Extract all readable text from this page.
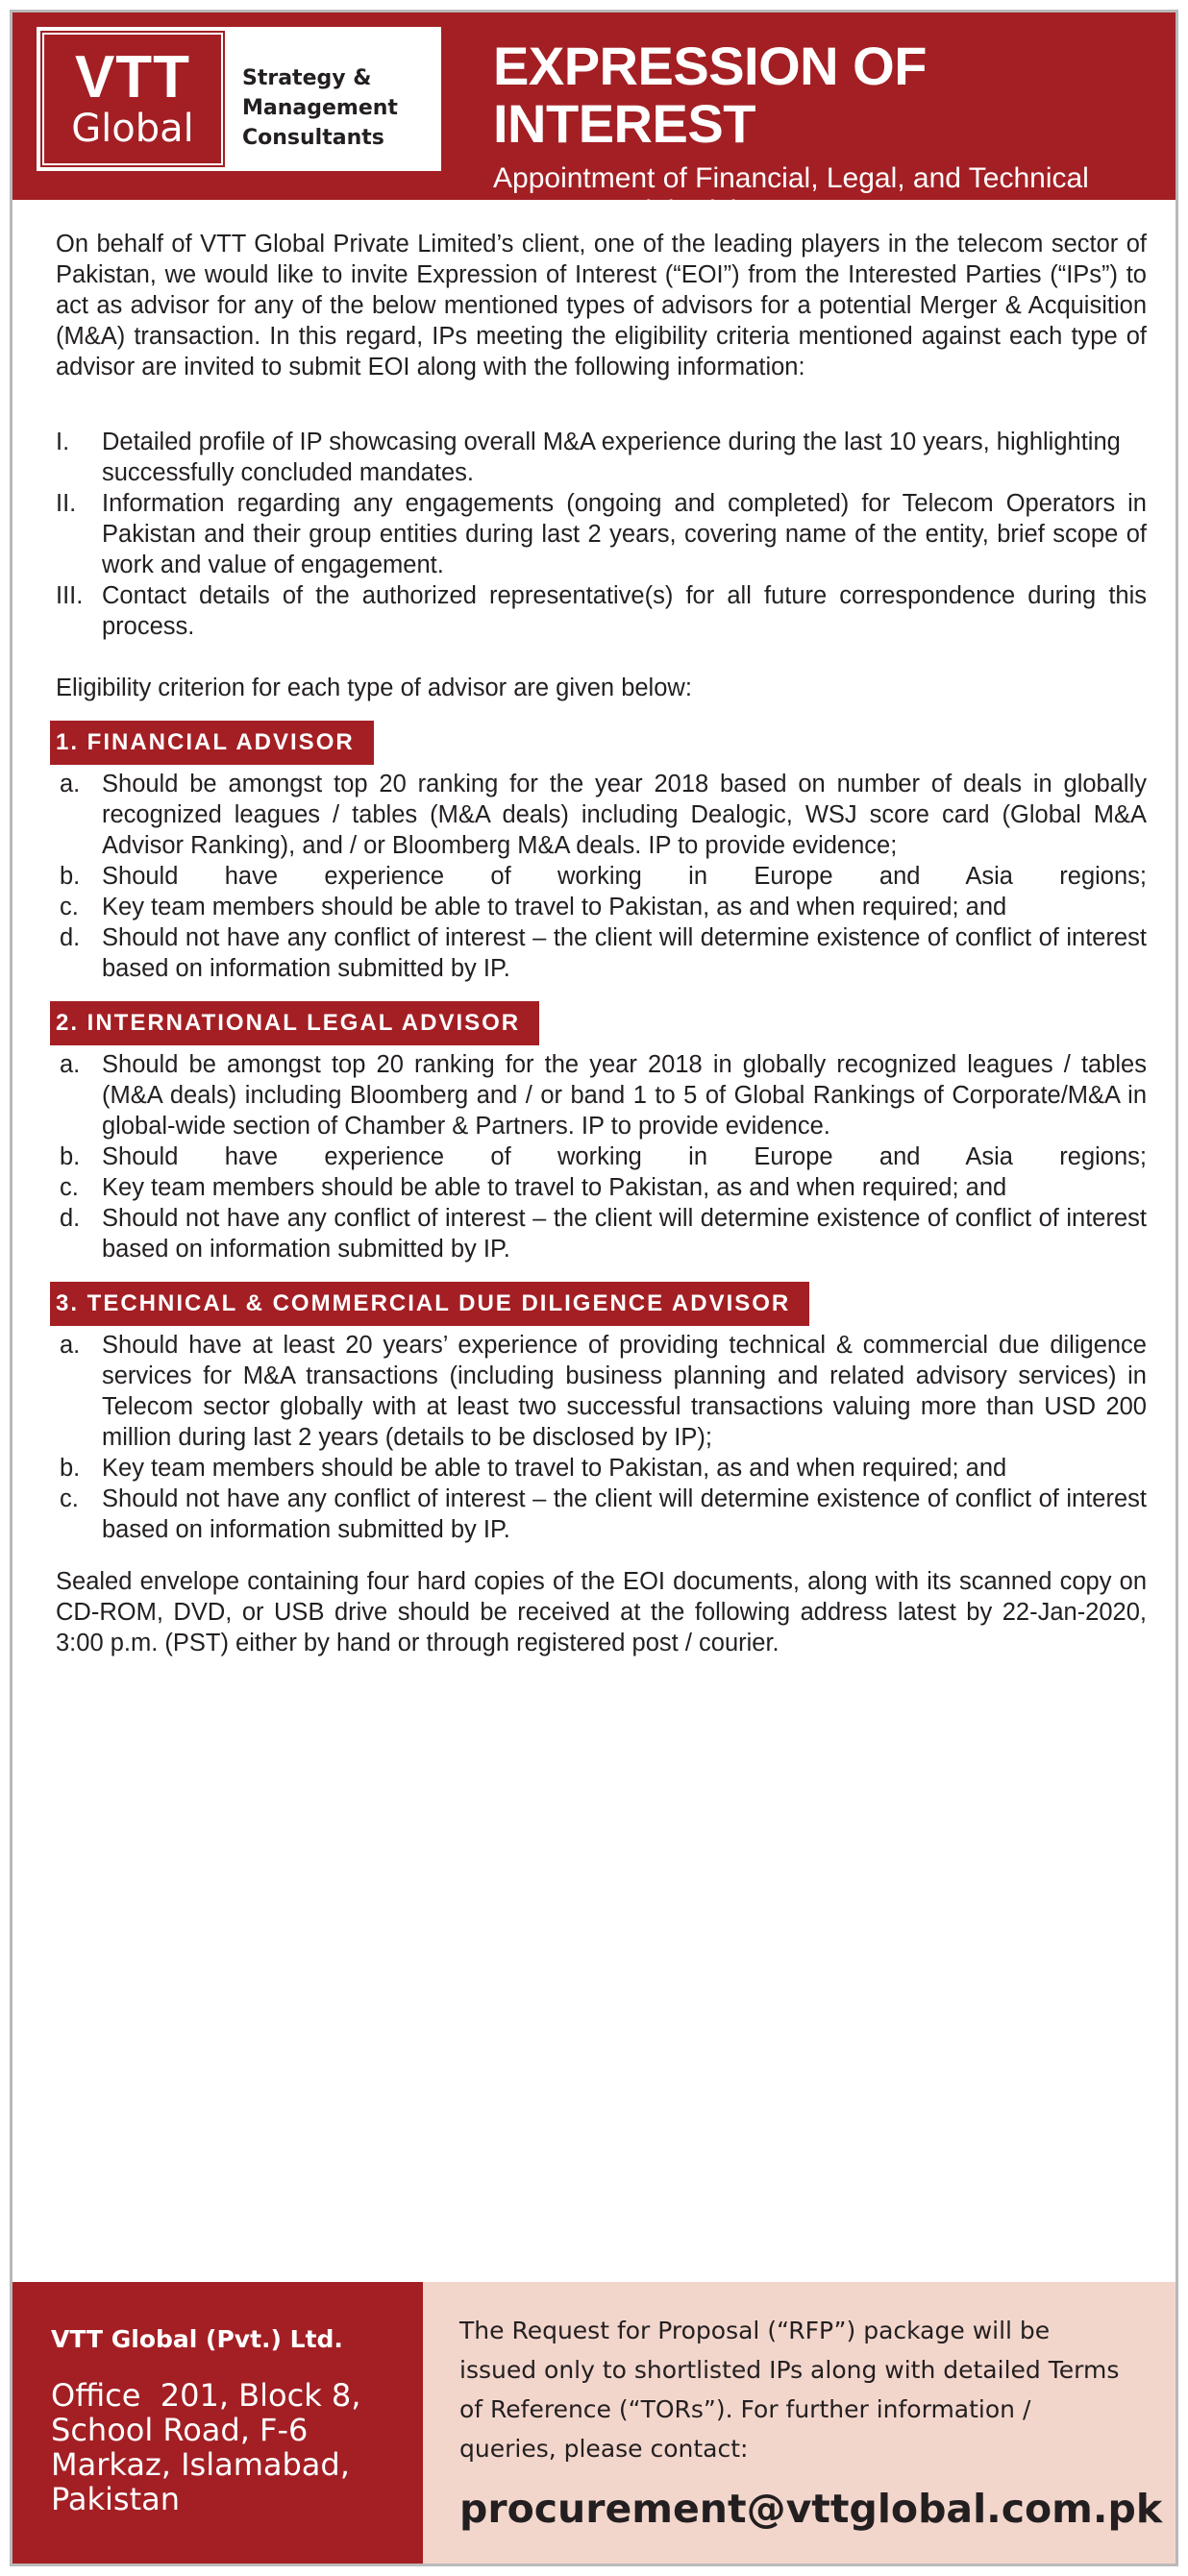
VTT
Global
Strategy &
Management
Consultants
EXPRESSION OF INTEREST
Appointment of Financial, Legal, and Technical
& Commercial Advisors

On behalf of VTT Global Private Limited’s client, one of the leading players in the telecom sector of Pakistan, we would like to invite Expression of Interest (“EOI”) from the Interested Parties (“IPs”) to act as advisor for any of the below mentioned types of advisors for a potential Merger & Acquisition (M&A) transaction. In this regard, IPs meeting the eligibility criteria mentioned against each type of advisor are invited to submit EOI along with the following information:

I.	Detailed profile of IP showcasing overall M&A experience during the last 10 years, highlighting successfully concluded mandates.
II.	Information regarding any engagements (ongoing and completed) for Telecom Operators in Pakistan and their group entities during last 2 years, covering name of the entity, brief scope of work and value of engagement.
III. Contact details of the authorized representative(s) for all future correspondence during this process.

Eligibility criterion for each type of advisor are given below:

1. FINANCIAL ADVISOR
a. Should be amongst top 20 ranking for the year 2018 based on number of deals in globally recognized leagues / tables (M&A deals) including Dealogic, WSJ score card (Global M&A Advisor Ranking), and / or Bloomberg M&A deals. IP to provide evidence;
b. Should have experience of working in Europe and Asia regions;
c. Key team members should be able to travel to Pakistan, as and when required; and
d. Should not have any conflict of interest – the client will determine existence of conflict of interest based on information submitted by IP.
2. INTERNATIONAL LEGAL ADVISOR
a. Should be amongst top 20 ranking for the year 2018 in globally recognized leagues / tables (M&A deals) including Bloomberg and / or band 1 to 5 of Global Rankings of Corporate/M&A in global-wide section of Chamber & Partners. IP to provide evidence.
b. Should have experience of working in Europe and Asia regions;
c. Key team members should be able to travel to Pakistan, as and when required; and
d. Should not have any conflict of interest – the client will determine existence of conflict of interest based on information submitted by IP.
3. TECHNICAL & COMMERCIAL DUE DILIGENCE ADVISOR
a. Should have at least 20 years’ experience of providing technical & commercial due diligence services for M&A transactions (including business planning and related advisory services) in Telecom sector globally with at least two successful transactions valuing more than USD 200 million during last 2 years (details to be disclosed by IP);
b. Key team members should be able to travel to Pakistan, as and when required; and
c. Should not have any conflict of interest – the client will determine existence of conflict of interest based on information submitted by IP.

Sealed envelope containing four hard copies of the EOI documents, along with its scanned copy on CD-ROM, DVD, or USB drive should be received at the following address latest by 22-Jan-2020, 3:00 p.m. (PST) either by hand or through registered post / courier.

VTT Global (Pvt.) Ltd.
Office  201, Block 8,
School Road, F-6
Markaz, Islamabad,
Pakistan
The Request for Proposal (“RFP”) package will be issued only to shortlisted IPs along with detailed Terms of Reference (“TORs”). For further information / queries, please contact:
procurement@vttglobal.com.pk
